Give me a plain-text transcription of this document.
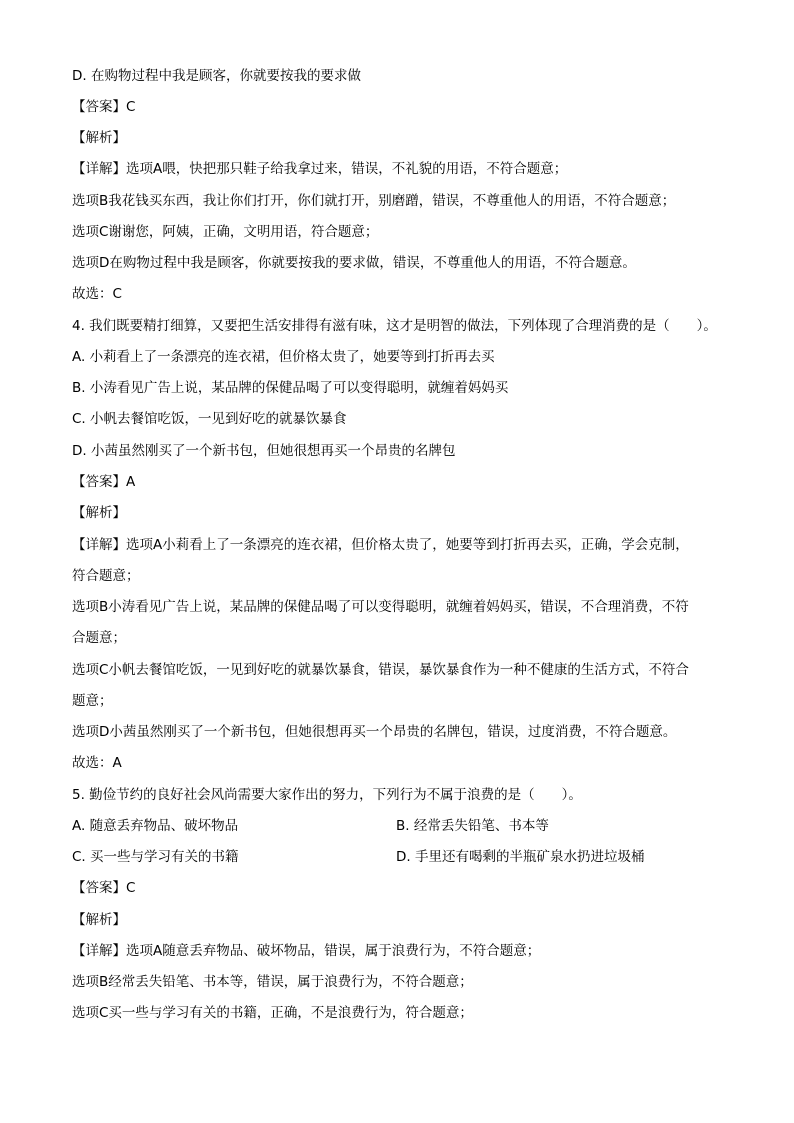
D. 在购物过程中我是顾客，你就要按我的要求做
【答案】C
【解析】
【详解】选项A喂，快把那只鞋子给我拿过来，错误，不礼貌的用语，不符合题意；
选项B我花钱买东西，我让你们打开，你们就打开，别磨蹭，错误，不尊重他人的用语，不符合题意；
选项C谢谢您，阿姨，正确，文明用语，符合题意；
选项D在购物过程中我是顾客，你就要按我的要求做，错误，不尊重他人的用语，不符合题意。
故选：C
4. 我们既要精打细算，又要把生活安排得有滋有味，这才是明智的做法，下列体现了合理消费的是（　　）。
A. 小莉看上了一条漂亮的连衣裙，但价格太贵了，她要等到打折再去买
B. 小涛看见广告上说，某品牌的保健品喝了可以变得聪明，就缠着妈妈买
C. 小帆去餐馆吃饭，一见到好吃的就暴饮暴食
D. 小茜虽然刚买了一个新书包，但她很想再买一个昂贵的名牌包
【答案】A
【解析】
【详解】选项A小莉看上了一条漂亮的连衣裙，但价格太贵了，她要等到打折再去买，正确，学会克制，
符合题意；
选项B小涛看见广告上说，某品牌的保健品喝了可以变得聪明，就缠着妈妈买，错误，不合理消费，不符
合题意；
选项C小帆去餐馆吃饭，一见到好吃的就暴饮暴食，错误，暴饮暴食作为一种不健康的生活方式，不符合
题意；
选项D小茜虽然刚买了一个新书包，但她很想再买一个昂贵的名牌包，错误，过度消费，不符合题意。
故选：A
5. 勤俭节约的良好社会风尚需要大家作出的努力，下列行为不属于浪费的是（　　）。
A. 随意丢弃物品、破坏物品	B. 经常丢失铅笔、书本等
C. 买一些与学习有关的书籍	D. 手里还有喝剩的半瓶矿泉水扔进垃圾桶
【答案】C
【解析】
【详解】选项A随意丢弃物品、破坏物品，错误，属于浪费行为，不符合题意；
选项B经常丢失铅笔、书本等，错误，属于浪费行为，不符合题意；
选项C买一些与学习有关的书籍，正确，不是浪费行为，符合题意；
